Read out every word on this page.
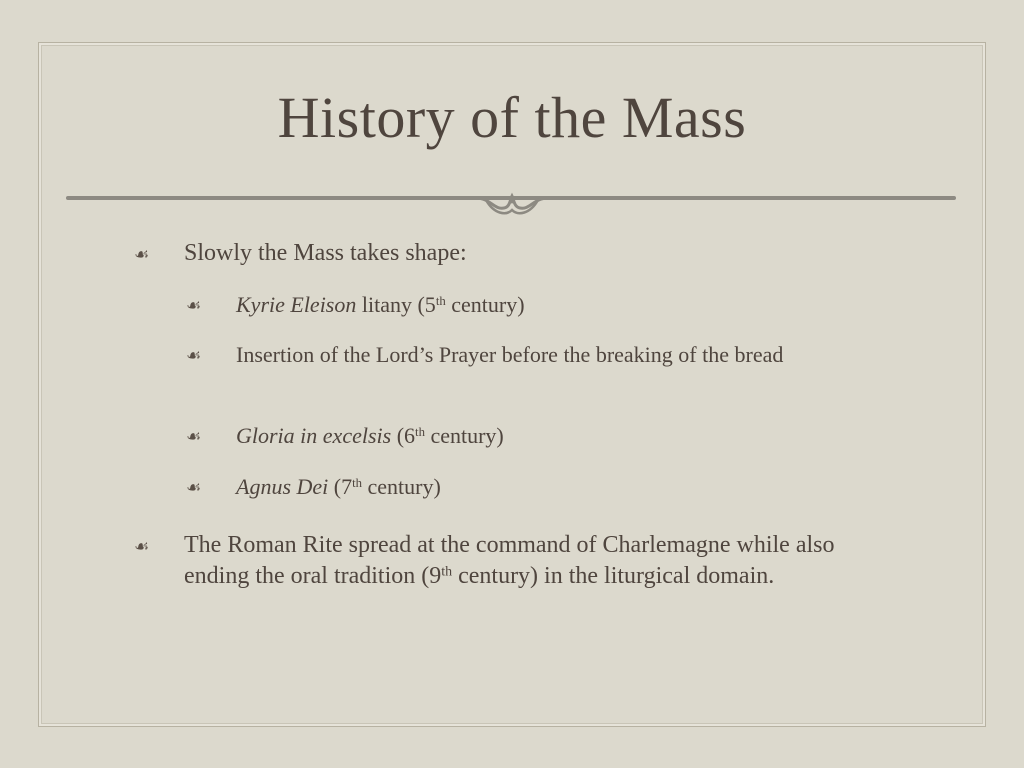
History of the Mass
☙ Slowly the Mass takes shape:
☙ Kyrie Eleison litany (5th century)
☙ Insertion of the Lord’s Prayer before the breaking of the bread
☙ Gloria in excelsis (6th century)
☙ Agnus Dei (7th century)
☙ The Roman Rite spread at the command of Charlemagne while also ending the oral tradition (9th century) in the liturgical domain.
